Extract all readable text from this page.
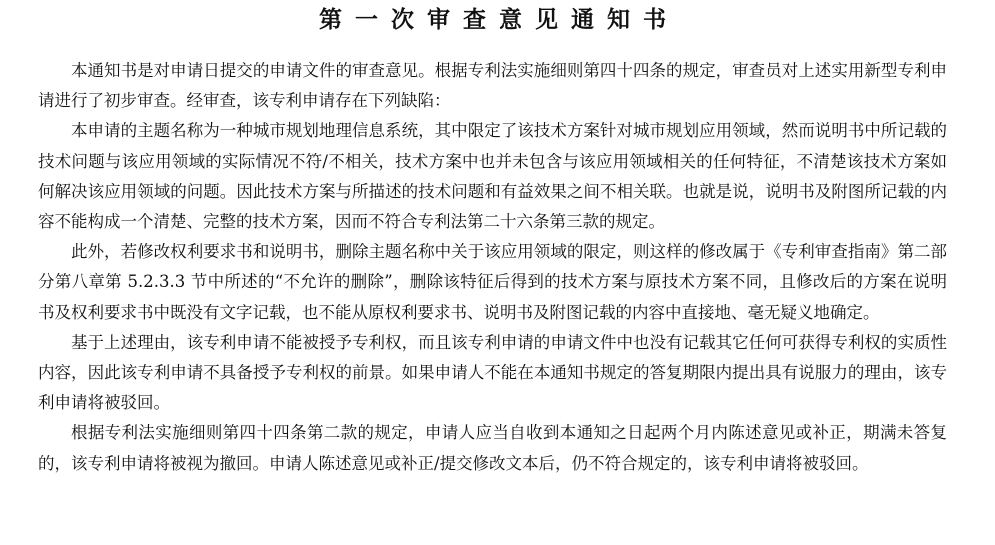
第一次审查意见通知书

本通知书是对申请日提交的申请文件的审查意见。根据专利法实施细则第四十四条的规定，审查员对上述实用新型专利申请进行了初步审查。经审查，该专利申请存在下列缺陷：

本申请的主题名称为一种城市规划地理信息系统，其中限定了该技术方案针对城市规划应用领域，然而说明书中所记载的技术问题与该应用领域的实际情况不符/不相关，技术方案中也并未包含与该应用领域相关的任何特征，不清楚该技术方案如何解决该应用领域的问题。因此技术方案与所描述的技术问题和有益效果之间不相关联。也就是说，说明书及附图所记载的内容不能构成一个清楚、完整的技术方案，因而不符合专利法第二十六条第三款的规定。

此外，若修改权利要求书和说明书，删除主题名称中关于该应用领域的限定，则这样的修改属于《专利审查指南》第二部分第八章第 5.2.3.3 节中所述的“不允许的删除”，删除该特征后得到的技术方案与原技术方案不同，且修改后的方案在说明书及权利要求书中既没有文字记载，也不能从原权利要求书、说明书及附图记载的内容中直接地、毫无疑义地确定。

基于上述理由，该专利申请不能被授予专利权，而且该专利申请的申请文件中也没有记载其它任何可获得专利权的实质性内容，因此该专利申请不具备授予专利权的前景。如果申请人不能在本通知书规定的答复期限内提出具有说服力的理由，该专利申请将被驳回。

根据专利法实施细则第四十四条第二款的规定，申请人应当自收到本通知之日起两个月内陈述意见或补正，期满未答复的，该专利申请将被视为撤回。申请人陈述意见或补正/提交修改文本后，仍不符合规定的，该专利申请将被驳回。
